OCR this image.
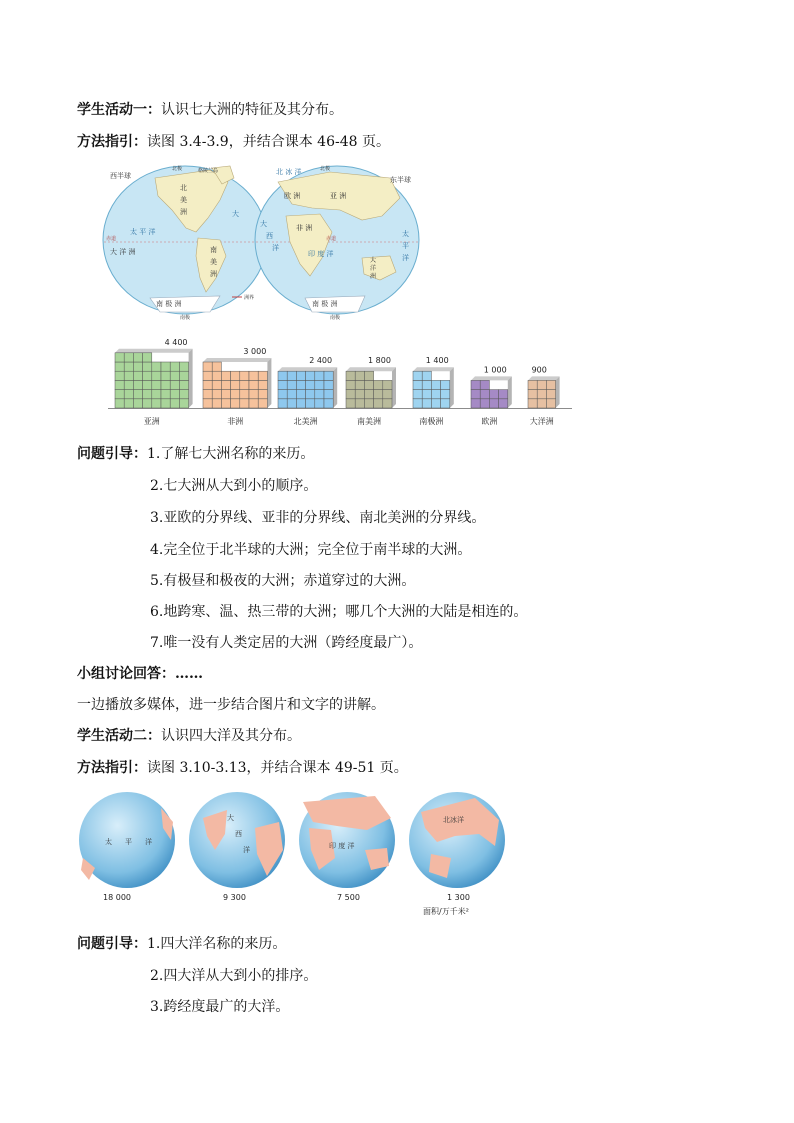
学生活动一：认识七大洲的特征及其分布。
方法指引：读图 3.4-3.9，并结合课本 46-48 页。
西半球
北极	格陵兰岛
北
美
洲
南
美
洲
太 平 洋
赤道
大 洋 洲
大
南 极 洲
南极
洲界
北极
东半球
北 冰 洋
欧 洲	亚 洲
非 洲
赤道
大
西
洋
印 度 洋
太
平
洋
大
洋
洲
南 极 洲
南极
4 400
亚洲
3 000
非洲
2 400
北美洲
1 800
南美洲
1 400
南极洲
1 000
欧洲
900
大洋洲
问题引导：1.了解七大洲名称的来历。
2.七大洲从大到小的顺序。
3.亚欧的分界线、亚非的分界线、南北美洲的分界线。
4.完全位于北半球的大洲；完全位于南半球的大洲。
5.有极昼和极夜的大洲；赤道穿过的大洲。
6.地跨寒、温、热三带的大洲；哪几个大洲的大陆是相连的。
7.唯一没有人类定居的大洲（跨经度最广）。
小组讨论回答：……
一边播放多媒体，进一步结合图片和文字的讲解。
学生活动二：认识四大洋及其分布。
方法指引：读图 3.10-3.13，并结合课本 49-51 页。
太 平 洋
大
西
洋	印 度 洋
北冰洋
18 000	9 300	7 500	1 300
面积/万千米²
问题引导：1.四大洋名称的来历。
2.四大洋从大到小的排序。
3.跨经度最广的大洋。
